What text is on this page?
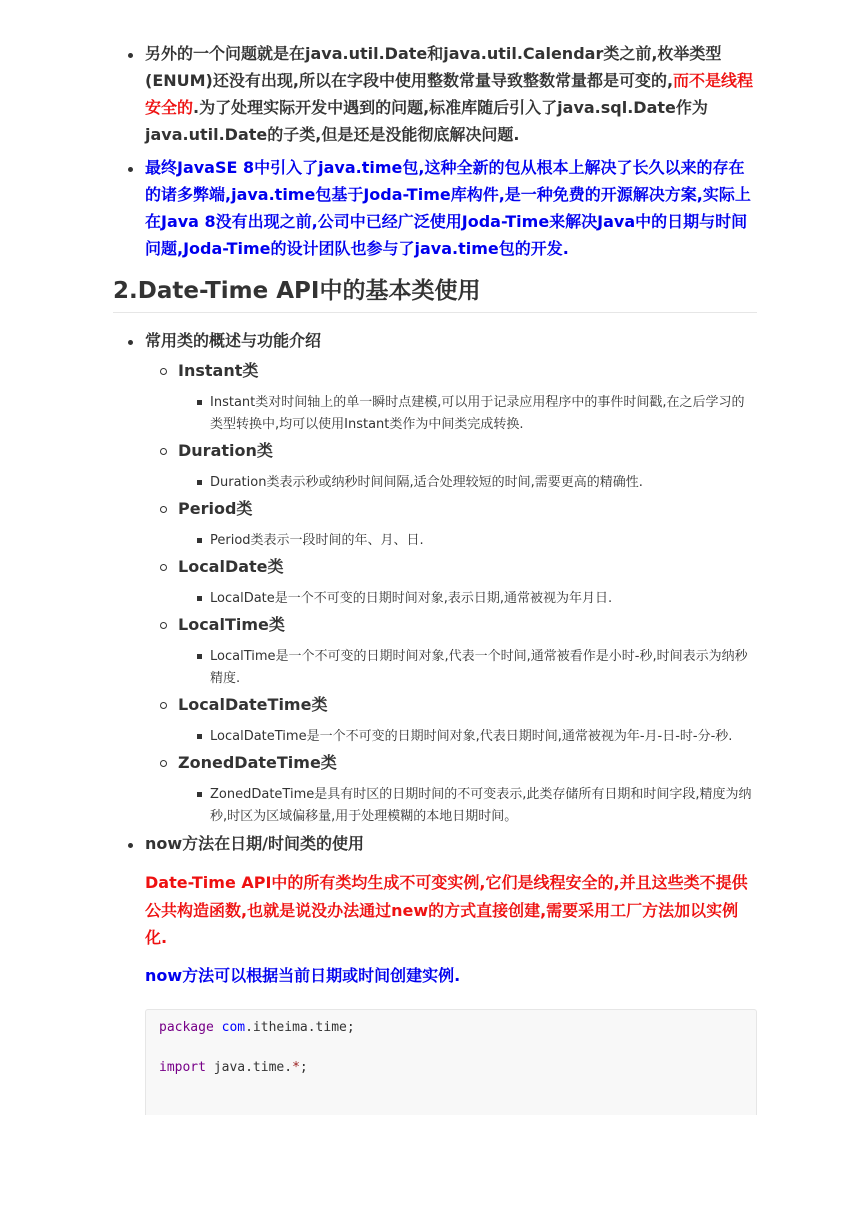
另外的一个问题就是在java.util.Date和java.util.Calendar类之前,枚举类型(ENUM)还没有出现,所以在字段中使用整数常量导致整数常量都是可变的,而不是线程安全的.为了处理实际开发中遇到的问题,标准库随后引入了java.sql.Date作为java.util.Date的子类,但是还是没能彻底解决问题.
最终JavaSE 8中引入了java.time包,这种全新的包从根本上解决了长久以来的存在的诸多弊端,java.time包基于Joda-Time库构件,是一种免费的开源解决方案,实际上在Java 8没有出现之前,公司中已经广泛使用Joda-Time来解决Java中的日期与时间问题,Joda-Time的设计团队也参与了java.time包的开发.
2.Date-Time API中的基本类使用
常用类的概述与功能介绍
Instant类
Instant类对时间轴上的单一瞬时点建模,可以用于记录应用程序中的事件时间戳,在之后学习的类型转换中,均可以使用Instant类作为中间类完成转换.
Duration类
Duration类表示秒或纳秒时间间隔,适合处理较短的时间,需要更高的精确性.
Period类
Period类表示一段时间的年、月、日.
LocalDate类
LocalDate是一个不可变的日期时间对象,表示日期,通常被视为年月日.
LocalTime类
LocalTime是一个不可变的日期时间对象,代表一个时间,通常被看作是小时-秒,时间表示为纳秒精度.
LocalDateTime类
LocalDateTime是一个不可变的日期时间对象,代表日期时间,通常被视为年-月-日-时-分-秒.
ZonedDateTime类
ZonedDateTime是具有时区的日期时间的不可变表示,此类存储所有日期和时间字段,精度为纳秒,时区为区域偏移量,用于处理模糊的本地日期时间。
now方法在日期/时间类的使用
Date-Time API中的所有类均生成不可变实例,它们是线程安全的,并且这些类不提供公共构造函数,也就是说没办法通过new的方式直接创建,需要采用工厂方法加以实例化.
now方法可以根据当前日期或时间创建实例.
package com.itheima.time;

import java.time.*;
